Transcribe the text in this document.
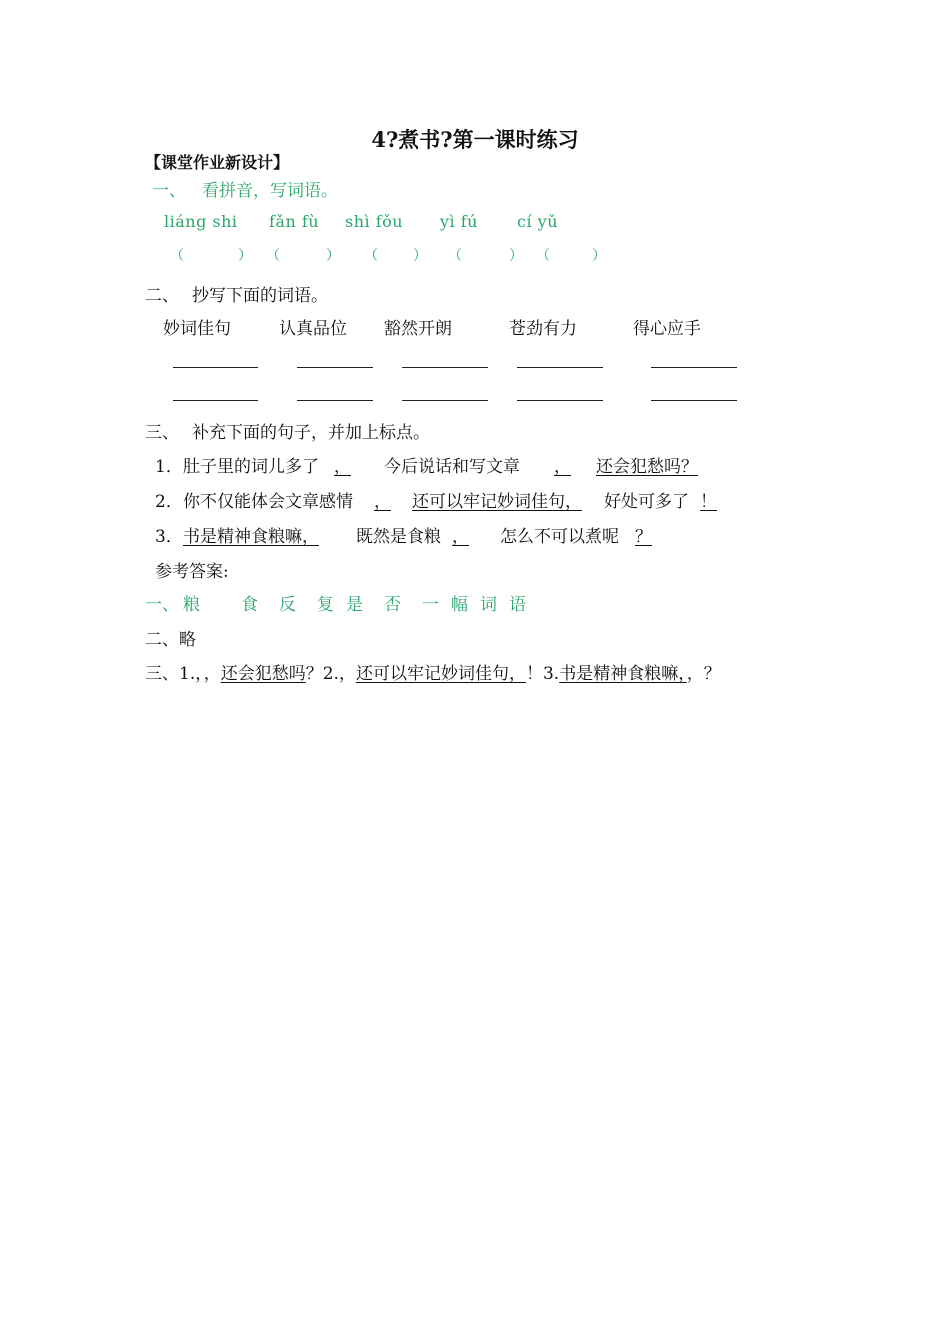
4?煮书?第一课时练习
【课堂作业新设计】
一、 看拼音，写词语。
liáng shi fǎn fù shì fǒu yì fú cí yǔ
（	） （	） （	） （	） （	）
二、 抄写下面的词语。
妙词佳句	认真品位 豁然开朗	苍劲有力	得心应手
三、 补充下面的句子，并加上标点。
1． 肚子里的词儿多了 ，	今后说话和写文章 ，	还会犯愁吗？
2． 你不仅能体会文章感情 ， 还可以牢记妙词佳句， 好处可多了 ！
3． 书是精神食粮嘛， 既然是食粮 ， 怎么不可以煮呢 ？
参考答案:
一、 粮 食 反 复 是 否 一 幅 词 语
二、略
三、1.，，还会犯愁吗？2.，还可以牢记妙词佳句，！3.书是精神食粮嘛，，？
